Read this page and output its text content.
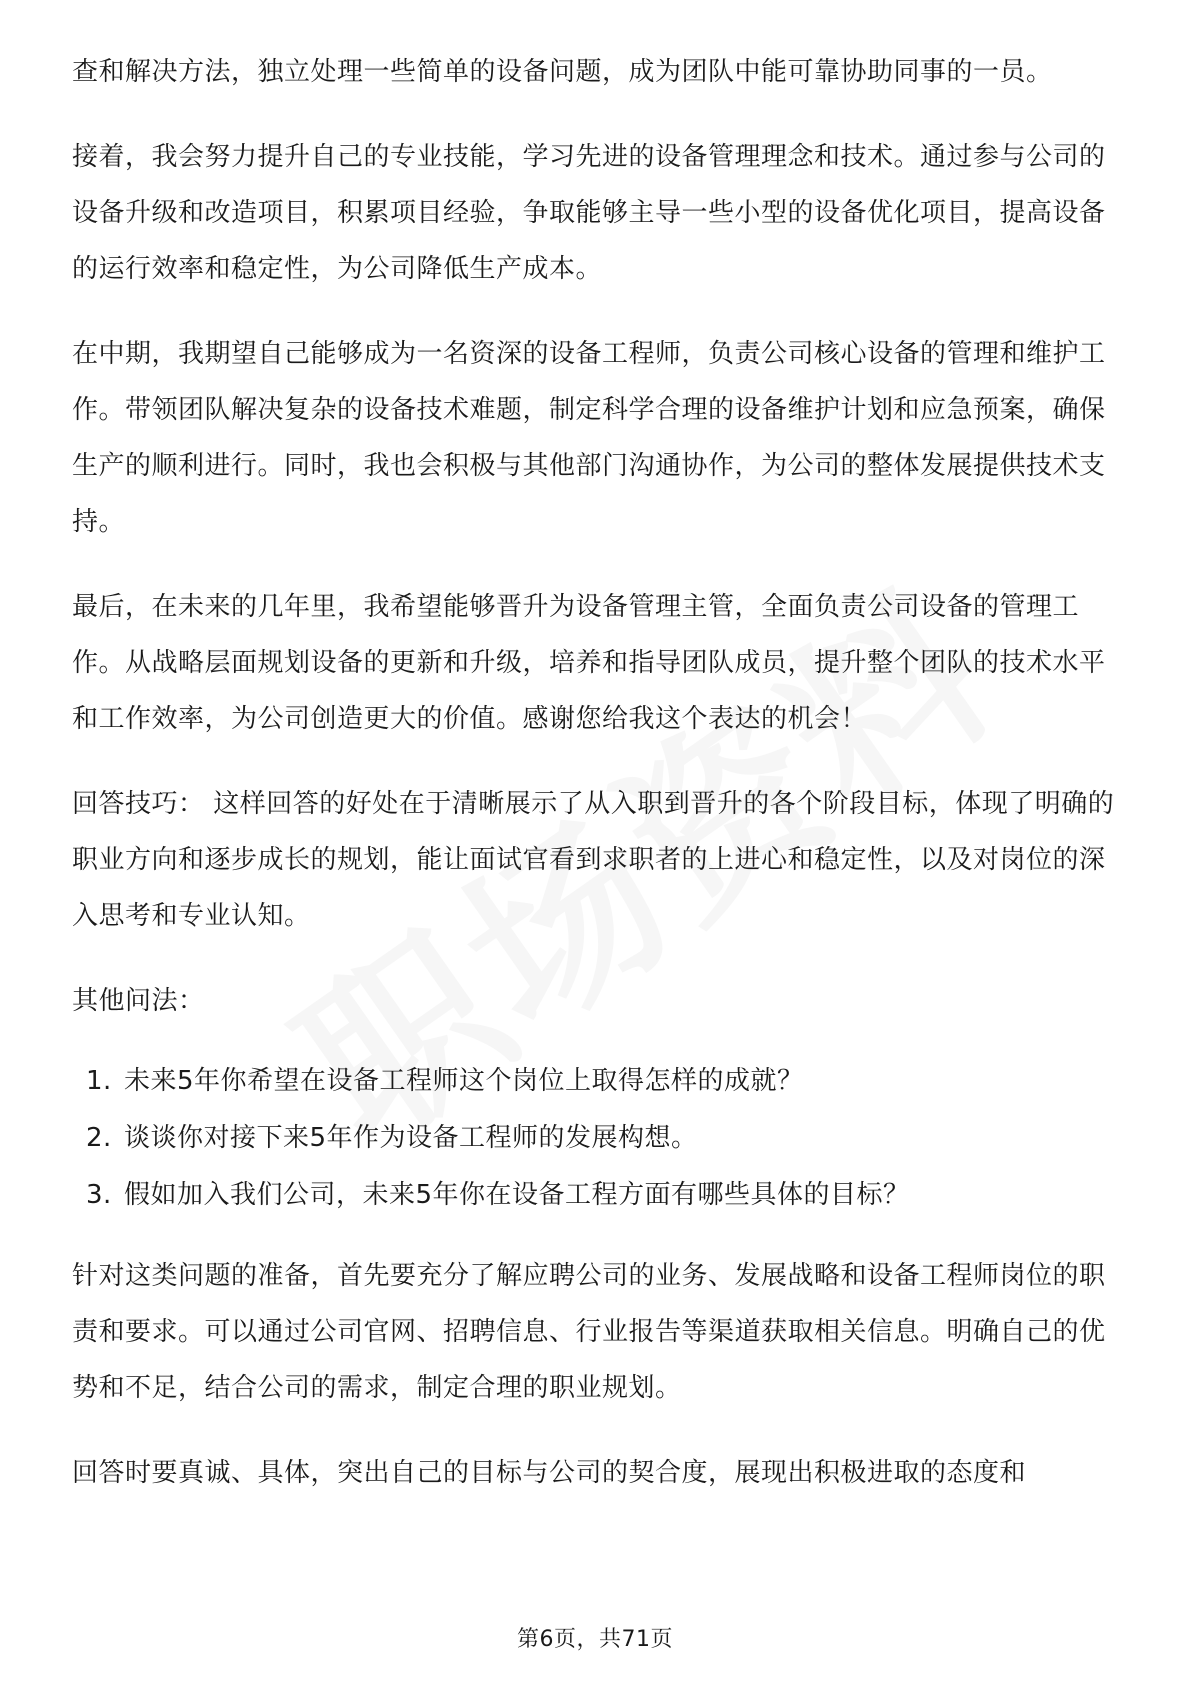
查和解决方法，独立处理一些简单的设备问题，成为团队中能可靠协助同事的一员。

接着，我会努力提升自己的专业技能，学习先进的设备管理理念和技术。通过参与公司的设备升级和改造项目，积累项目经验，争取能够主导一些小型的设备优化项目，提高设备的运行效率和稳定性，为公司降低生产成本。

在中期，我期望自己能够成为一名资深的设备工程师，负责公司核心设备的管理和维护工作。带领团队解决复杂的设备技术难题，制定科学合理的设备维护计划和应急预案，确保生产的顺利进行。同时，我也会积极与其他部门沟通协作，为公司的整体发展提供技术支持。

最后，在未来的几年里，我希望能够晋升为设备管理主管，全面负责公司设备的管理工作。从战略层面规划设备的更新和升级，培养和指导团队成员，提升整个团队的技术水平和工作效率，为公司创造更大的价值。感谢您给我这个表达的机会！

回答技巧： 这样回答的好处在于清晰展示了从入职到晋升的各个阶段目标，体现了明确的职业方向和逐步成长的规划，能让面试官看到求职者的上进心和稳定性，以及对岗位的深入思考和专业认知。

其他问法：

1. 未来5年你希望在设备工程师这个岗位上取得怎样的成就？
2. 谈谈你对接下来5年作为设备工程师的发展构想。
3. 假如加入我们公司，未来5年你在设备工程方面有哪些具体的目标？

针对这类问题的准备，首先要充分了解应聘公司的业务、发展战略和设备工程师岗位的职责和要求。可以通过公司官网、招聘信息、行业报告等渠道获取相关信息。明确自己的优势和不足，结合公司的需求，制定合理的职业规划。

回答时要真诚、具体，突出自己的目标与公司的契合度，展现出积极进取的态度和

第6页，共71页
